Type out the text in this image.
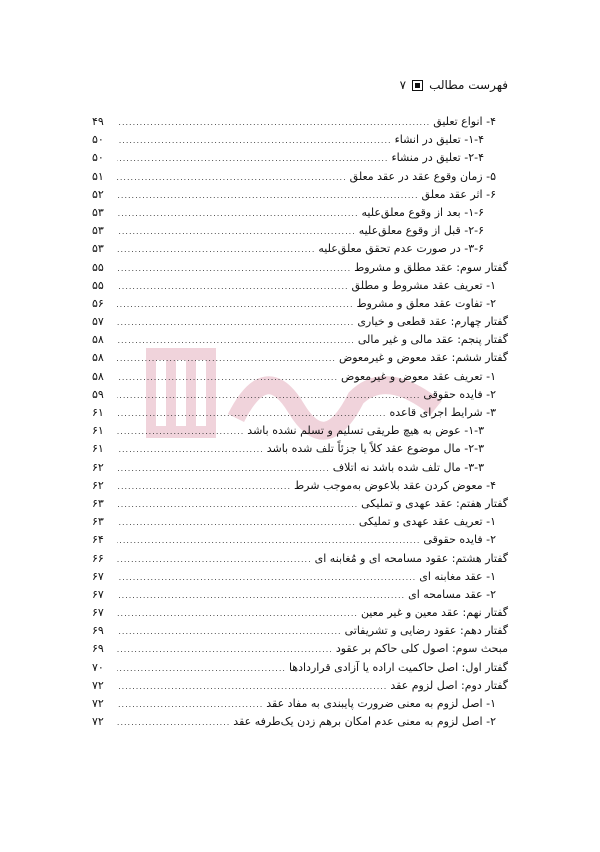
فهرست مطالب
۷
۴- انواع تعلیق
.....
۴۹
۱-۴- تعلیق در انشاء
.....
۵۰
۲-۴- تعلیق در منشاء
.....
۵۰
۵- زمان وقوع عقد در عقد معلق
.....
۵۱
۶- اثر عقد معلق
.....
۵۲
۱-۶- بعد از وقوع معلق‌علیه
.....
۵۳
۲-۶- قبل از وقوع معلق‌علیه
.....
۵۳
۳-۶- در صورت عدم تحقق معلق‌علیه
.....
۵۳
گفتار سوم: عقد مطلق و مشروط
.....
۵۵
۱- تعریف عقد مشروط و مطلق
.....
۵۵
۲- تفاوت عقد معلق و مشروط
.....
۵۶
گفتار چهارم: عقد قطعی و خیاری
.....
۵۷
گفتار پنجم: عقد مالی و غیر مالی
.....
۵۸
گفتار ششم: عقد معوض و غیرمعوض
.....
۵۸
۱- تعریف عقد معوض و غیرمعوض
.....
۵۸
۲- فایده حقوقی
.....
۵۹
۳- شرایط اجرای قاعده
.....
۶۱
۱-۳- عوض به هیچ طریقی تسلیم و تسلم نشده باشد
.....
۶۱
۲-۳- مال موضوع عقد کلاً یا جزئاً تلف شده باشد
.....
۶۱
۳-۳- مال تلف شده باشد نه اتلاف
.....
۶۲
۴- معوض کردن عقد بلاعوض به‌موجب شرط
.....
۶۲
گفتار هفتم: عقد عهدی و تملیکی
.....
۶۳
۱- تعریف عقد عهدی و تملیکی
.....
۶۳
۲- فایده حقوقی
.....
۶۴
گفتار هشتم: عقود مسامحه ای و مُغابنه ای
.....
۶۶
۱- عقد مغابنه ای
.....
۶۷
۲- عقد مسامحه ای
.....
۶۷
گفتار نهم: عقد معین و غیر معین
.....
۶۷
گفتار دهم: عقود رضایی و تشریفاتی
.....
۶۹
مبحث سوم: اصول کلی حاکم بر عقود
.....
۶۹
گفتار اول: اصل حاکمیت اراده یا آزادی قراردادها
.....
۷۰
گفتار دوم: اصل لزوم عقد
.....
۷۲
۱- اصل لزوم به معنی ضرورت پایبندی به مفاد عقد
.....
۷۲
۲- اصل لزوم به معنی عدم امکان برهم زدن یک‌طرفه عقد
.....
۷۲
